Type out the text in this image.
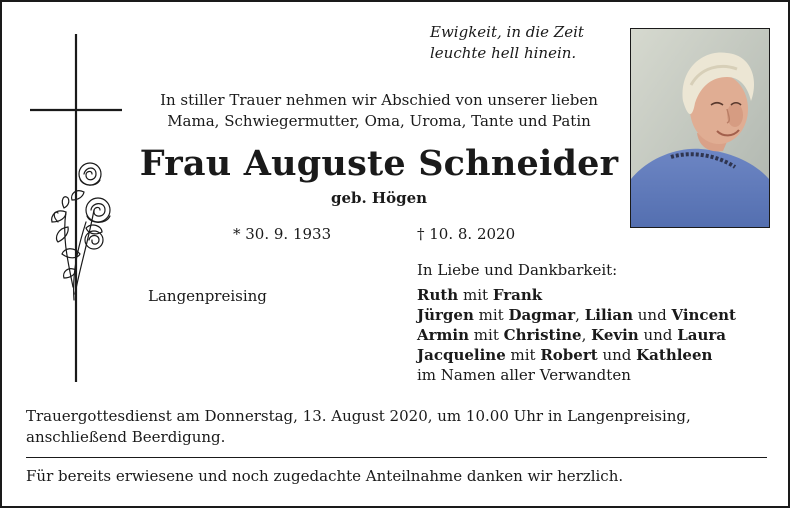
Ewigkeit, in die Zeit
leuchte hell hinein.
In stiller Trauer nehmen wir Abschied von unserer lieben
Mama, Schwiegermutter, Oma, Uroma, Tante und Patin
Frau Auguste Schneider
geb. Högen
* 30. 9. 1933	† 10. 8. 2020
Langenpreising
In Liebe und Dankbarkeit:
Ruth mit Frank
Jürgen mit Dagmar, Lilian und Vincent
Armin mit Christine, Kevin und Laura
Jacqueline mit Robert und Kathleen
im Namen aller Verwandten
Trauergottesdienst am Donnerstag, 13. August 2020, um 10.00 Uhr in Langenpreising,
anschließend Beerdigung.
Für bereits erwiesene und noch zugedachte Anteilnahme danken wir herzlich.
